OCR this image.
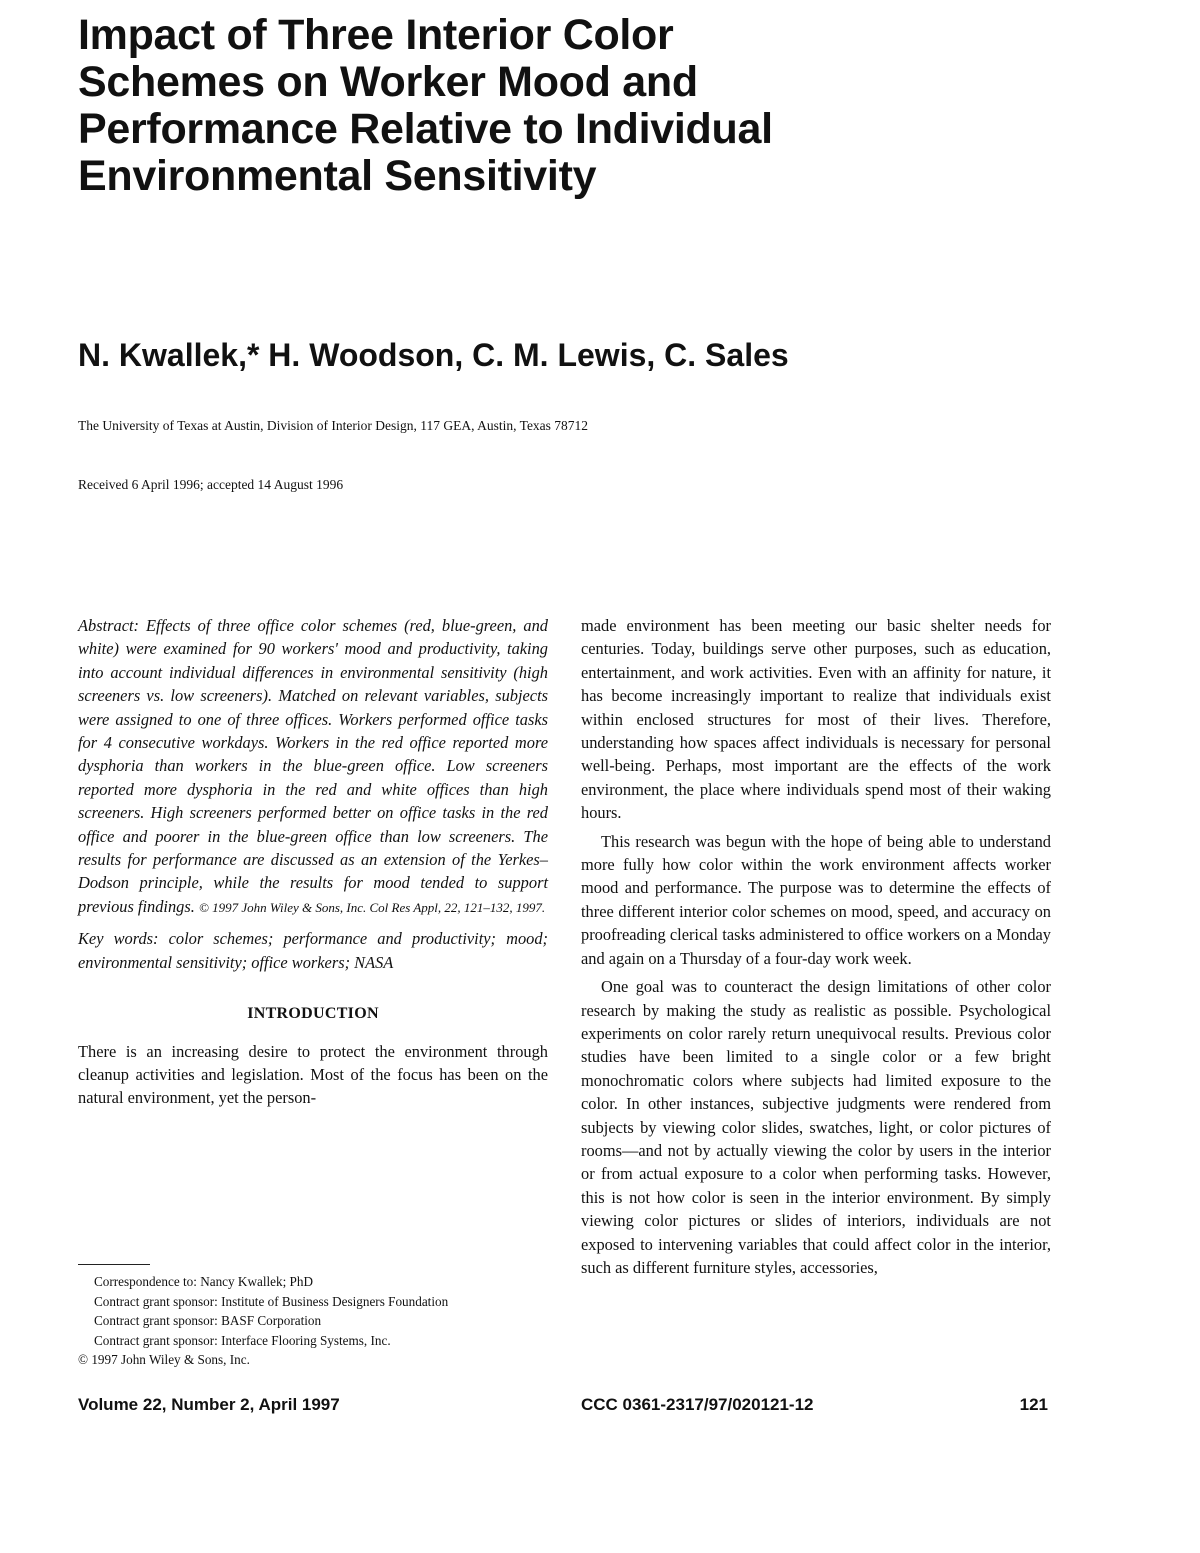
Impact of Three Interior Color Schemes on Worker Mood and Performance Relative to Individual Environmental Sensitivity
N. Kwallek,* H. Woodson, C. M. Lewis, C. Sales
The University of Texas at Austin, Division of Interior Design, 117 GEA, Austin, Texas 78712
Received 6 April 1996; accepted 14 August 1996

Abstract: Effects of three office color schemes (red, blue-green, and white) were examined for 90 workers' mood and productivity, taking into account individual differences in environmental sensitivity (high screeners vs. low screeners). Matched on relevant variables, subjects were assigned to one of three offices. Workers performed office tasks for 4 consecutive workdays. Workers in the red office reported more dysphoria than workers in the blue-green office. Low screeners reported more dysphoria in the red and white offices than high screeners. High screeners performed better on office tasks in the red office and poorer in the blue-green office than low screeners. The results for performance are discussed as an extension of the Yerkes–Dodson principle, while the results for mood tended to support previous findings. © 1997 John Wiley & Sons, Inc. Col Res Appl, 22, 121–132, 1997.

Key words: color schemes; performance and productivity; mood; environmental sensitivity; office workers; NASA

INTRODUCTION

There is an increasing desire to protect the environment through cleanup activities and legislation. Most of the focus has been on the natural environment, yet the person-

made environment has been meeting our basic shelter needs for centuries. Today, buildings serve other purposes, such as education, entertainment, and work activities. Even with an affinity for nature, it has become increasingly important to realize that individuals exist within enclosed structures for most of their lives. Therefore, understanding how spaces affect individuals is necessary for personal well-being. Perhaps, most important are the effects of the work environment, the place where individuals spend most of their waking hours.

This research was begun with the hope of being able to understand more fully how color within the work environment affects worker mood and performance. The purpose was to determine the effects of three different interior color schemes on mood, speed, and accuracy on proofreading clerical tasks administered to office workers on a Monday and again on a Thursday of a four-day work week.

One goal was to counteract the design limitations of other color research by making the study as realistic as possible. Psychological experiments on color rarely return unequivocal results. Previous color studies have been limited to a single color or a few bright monochromatic colors where subjects had limited exposure to the color. In other instances, subjective judgments were rendered from subjects by viewing color slides, swatches, light, or color pictures of rooms—and not by actually viewing the color by users in the interior or from actual exposure to a color when performing tasks. However, this is not how color is seen in the interior environment. By simply viewing color pictures or slides of interiors, individuals are not exposed to intervening variables that could affect color in the interior, such as different furniture styles, accessories,

Correspondence to: Nancy Kwallek; PhD
Contract grant sponsor: Institute of Business Designers Foundation
Contract grant sponsor: BASF Corporation
Contract grant sponsor: Interface Flooring Systems, Inc.
© 1997 John Wiley & Sons, Inc.
Volume 22, Number 2, April 1997	CCC 0361-2317/97/020121-12	121
